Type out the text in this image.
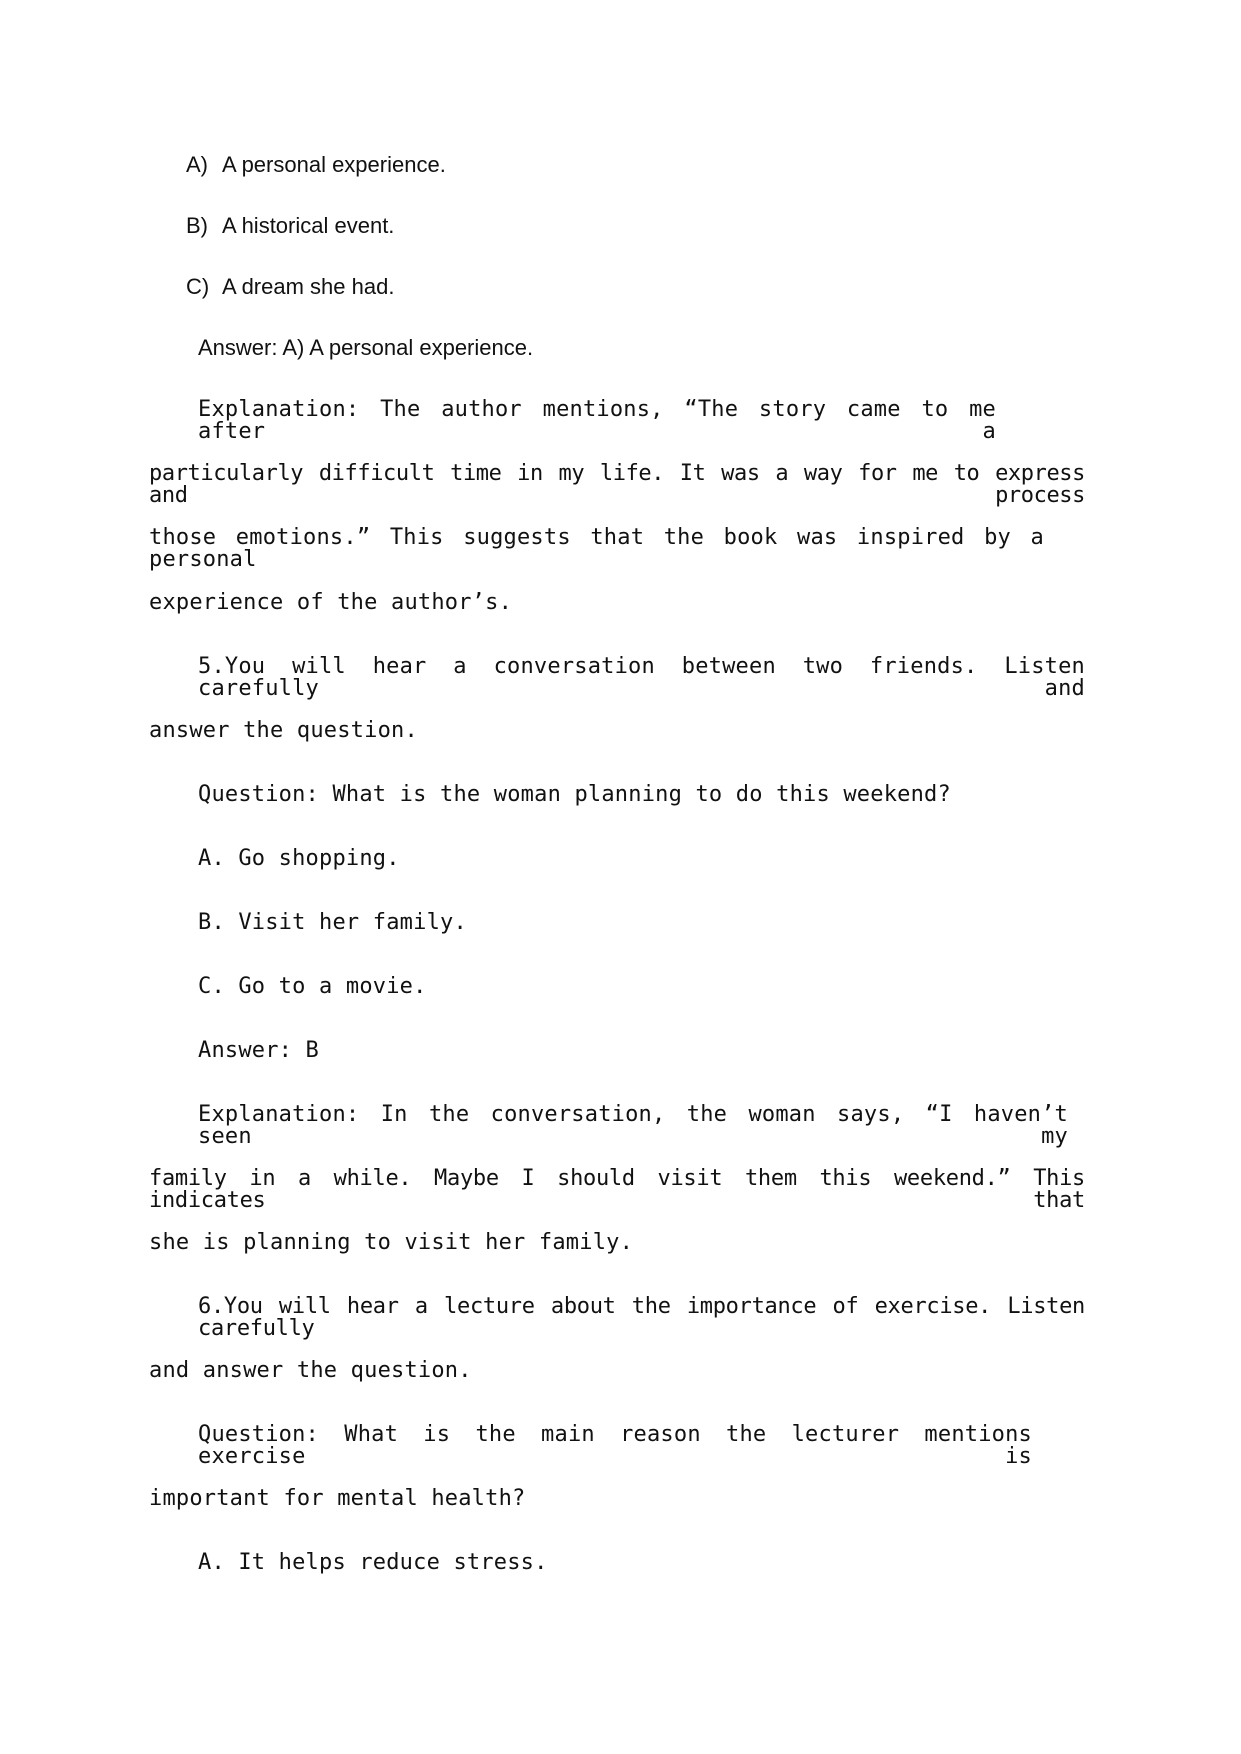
A) A personal experience.

B) A historical event.

C) A dream she had.

Answer: A) A personal experience.

Explanation: The author mentions, “The story came to me after a

particularly difficult time in my life. It was a way for me to express and process

those emotions.” This suggests that the book was inspired by a personal

experience of the author’s.

5.You will hear a conversation between two friends. Listen carefully and

answer the question.

Question: What is the woman planning to do this weekend?

A. Go shopping.

B. Visit her family.

C. Go to a movie.

Answer: B

Explanation: In the conversation, the woman says, “I haven’t seen my

family in a while. Maybe I should visit them this weekend.” This indicates that

she is planning to visit her family.

6.You will hear a lecture about the importance of exercise. Listen carefully

and answer the question.

Question: What is the main reason the lecturer mentions exercise is

important for mental health?

A. It helps reduce stress.
